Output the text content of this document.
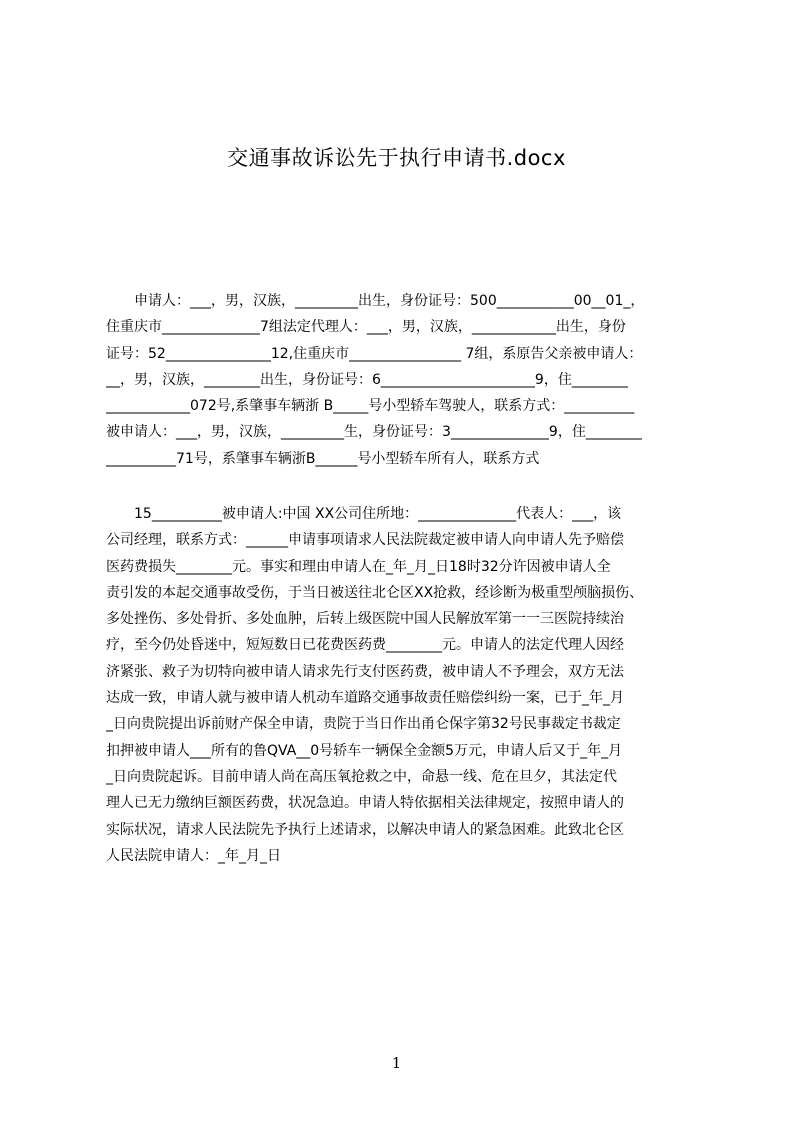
交通事故诉讼先于执行申请书.docx
　　申请人：___，男，汉族，_________出生，身份证号：500___________00__01_，
住重庆市______________7组法定代理人：___，男，汉族，____________出生，身份
证号：52_______________12,住重庆市________________ 7组，系原告父亲被申请人：
__，男，汉族，________出生，身份证号：6______________________9，住________
____________072号,系肇事车辆浙 B_____号小型轿车驾驶人，联系方式：__________
被申请人：___，男，汉族，_________生，身份证号：3______________9，住________
__________71号，系肇事车辆浙B______号小型轿车所有人，联系方式
　　15__________被申请人:中国 XX公司住所地：______________代表人：___，该
公司经理，联系方式：______申请事项请求人民法院裁定被申请人向申请人先予赔偿
医药费损失________元。事实和理由申请人在_年_月_日18时32分许因被申请人全
责引发的本起交通事故受伤，于当日被送往北仑区XX抢救，经诊断为极重型颅脑损伤、
多处挫伤、多处骨折、多处血肿，后转上级医院中国人民解放军第一一三医院持续治
疗，至今仍处昏迷中，短短数日已花费医药费________元。申请人的法定代理人因经
济紧张、救子为切特向被申请人请求先行支付医药费，被申请人不予理会，双方无法
达成一致，申请人就与被申请人机动车道路交通事故责任赔偿纠纷一案，已于_年_月
_日向贵院提出诉前财产保全申请，贵院于当日作出甬仑保字第32号民事裁定书裁定
扣押被申请人___所有的鲁QVA__0号轿车一辆保全金额5万元，申请人后又于_年_月
_日向贵院起诉。目前申请人尚在高压氧抢救之中，命悬一线、危在旦夕，其法定代
理人已无力缴纳巨额医药费，状况急迫。申请人特依据相关法律规定，按照申请人的
实际状况，请求人民法院先予执行上述请求，以解决申请人的紧急困难。此致北仑区
人民法院申请人：_年_月_日
1
